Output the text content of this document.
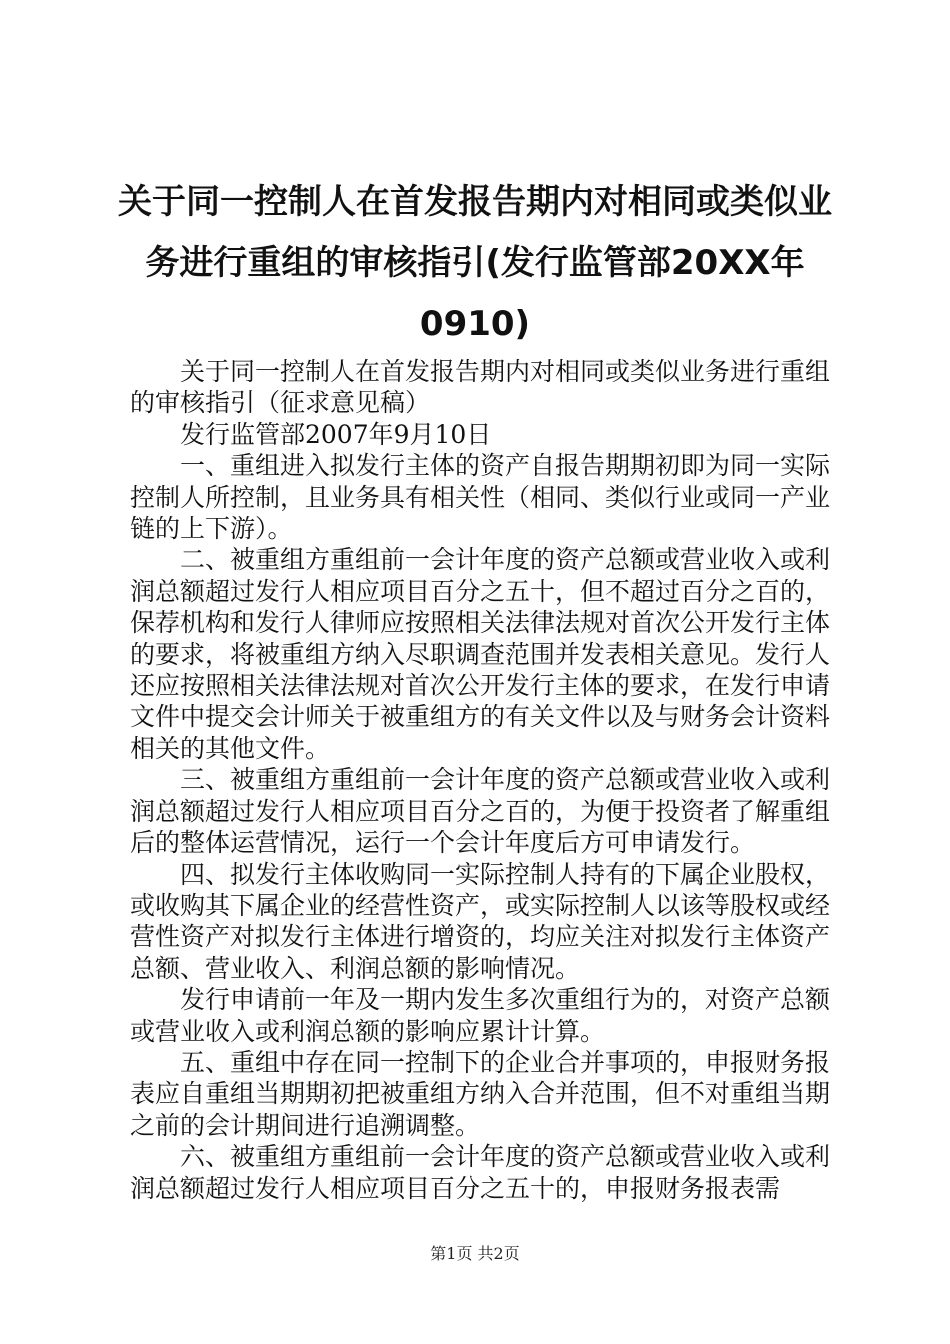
关于同一控制人在首发报告期内对相同或类似业务进行重组的审核指引(发行监管部20XX年0910)

关于同一控制人在首发报告期内对相同或类似业务进行重组的审核指引（征求意见稿）

发行监管部2007年9月10日

一、重组进入拟发行主体的资产自报告期期初即为同一实际控制人所控制，且业务具有相关性（相同、类似行业或同一产业链的上下游）。

二、被重组方重组前一会计年度的资产总额或营业收入或利润总额超过发行人相应项目百分之五十，但不超过百分之百的，保荐机构和发行人律师应按照相关法律法规对首次公开发行主体的要求，将被重组方纳入尽职调查范围并发表相关意见。发行人还应按照相关法律法规对首次公开发行主体的要求，在发行申请文件中提交会计师关于被重组方的有关文件以及与财务会计资料相关的其他文件。

三、被重组方重组前一会计年度的资产总额或营业收入或利润总额超过发行人相应项目百分之百的，为便于投资者了解重组后的整体运营情况，运行一个会计年度后方可申请发行。

四、拟发行主体收购同一实际控制人持有的下属企业股权，或收购其下属企业的经营性资产，或实际控制人以该等股权或经营性资产对拟发行主体进行增资的，均应关注对拟发行主体资产总额、营业收入、利润总额的影响情况。

发行申请前一年及一期内发生多次重组行为的，对资产总额或营业收入或利润总额的影响应累计计算。

五、重组中存在同一控制下的企业合并事项的，申报财务报表应自重组当期期初把被重组方纳入合并范围，但不对重组当期之前的会计期间进行追溯调整。

六、被重组方重组前一会计年度的资产总额或营业收入或利润总额超过发行人相应项目百分之五十的，申报财务报表需

第1页 共2页
